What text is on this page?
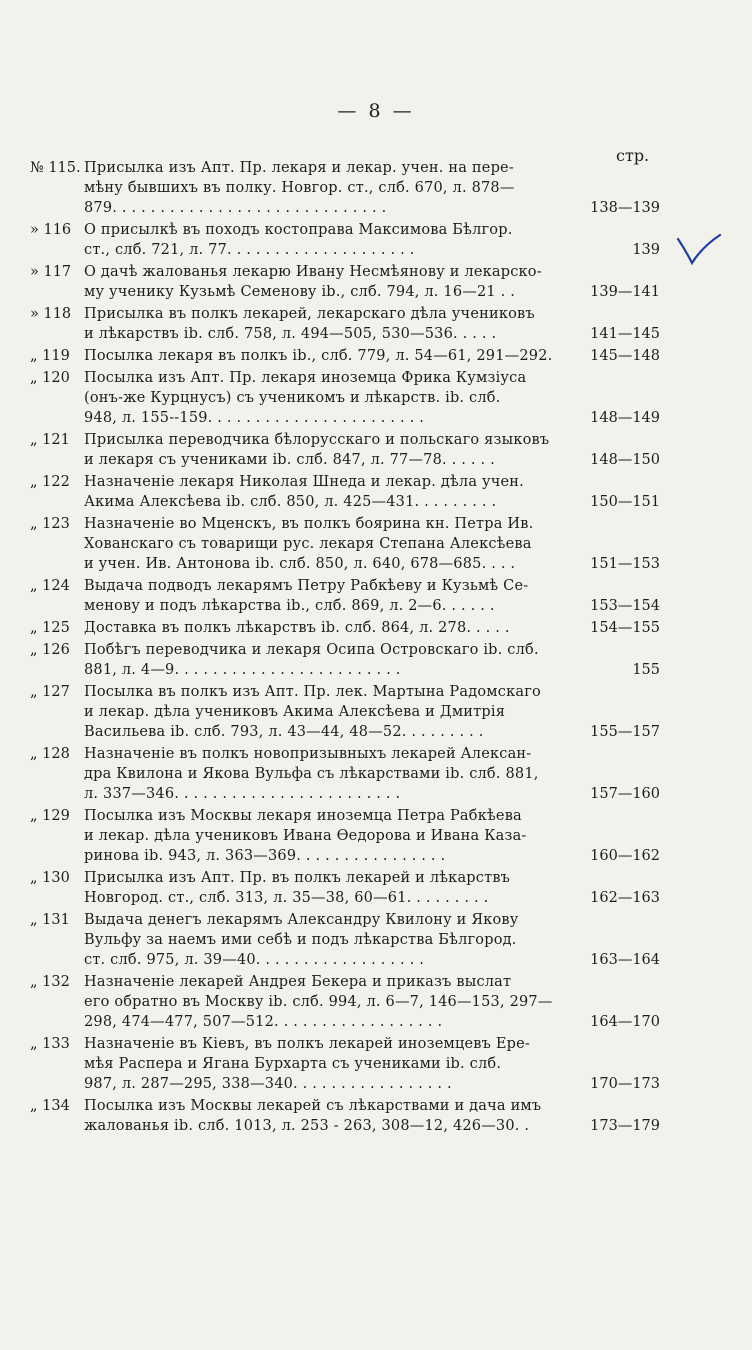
— 8 —
стр.
№ 115. Присылка изъ Апт. Пр. лекаря и лекар. учен. на пере-
мѣну бывшихъ въ полку. Новгор. ст., слб. 670, л. 878—
879. . . . . . . . . . . . . . . . . . . . . . . . . . . . .	138—139
» 116 О присылкѣ въ походъ костоправа Максимова Бѣлгор.
ст., слб. 721, л. 77. . . . . . . . . . . . . . . . . . . .	139
» 117 О дачѣ жалованья лекарю Ивану Несмѣянову и лекарско-
му ученику Кузьмѣ Семенову ib., слб. 794, л. 16—21 . .	139—141
» 118 Присылка въ полкъ лекарей, лекарскаго дѣла учениковъ
и лѣкарствъ ib. слб. 758, л. 494—505, 530—536. . . . .	141—145
„ 119 Посылка лекаря въ полкъ ib., слб. 779, л. 54—61, 291—292.	145—148
„ 120 Посылка изъ Апт. Пр. лекаря иноземца Фрика Кумзіуса
(онъ-же Курцнусъ) съ ученикомъ и лѣкарств. ib. слб.
948, л. 155--159. . . . . . . . . . . . . . . . . . . . . . .	148—149
„ 121 Присылка переводчика бѣлорусскаго и польскаго языковъ
и лекаря съ учениками ib. слб. 847, л. 77—78. . . . . .	148—150
„ 122 Назначеніе лекаря Николая Шнеда и лекар. дѣла учен.
Акима Алексѣева ib. слб. 850, л. 425—431. . . . . . . . .	150—151
„ 123 Назначеніе во Мценскъ, въ полкъ боярина кн. Петра Ив.
Хованскаго съ товарищи рус. лекаря Степана Алексѣева
и учен. Ив. Антонова ib. слб. 850, л. 640, 678—685. . . .	151—153
„ 124 Выдача подводъ лекарямъ Петру Рабкѣеву и Кузьмѣ Се-
менову и подъ лѣкарства ib., слб. 869, л. 2—6. . . . . .	153—154
„ 125 Доставка въ полкъ лѣкарствъ ib. слб. 864, л. 278. . . . .	154—155
„ 126 Побѣгъ переводчика и лекаря Осипа Островскаго ib. слб.
881, л. 4—9. . . . . . . . . . . . . . . . . . . . . . . .	155
„ 127 Посылка въ полкъ изъ Апт. Пр. лек. Мартына Радомскаго
и лекар. дѣла учениковъ Акима Алексѣева и Дмитрія
Васильева ib. слб. 793, л. 43—44, 48—52. . . . . . . . .	155—157
„ 128 Назначеніе въ полкъ новопризывныхъ лекарей Алексан-
дра Квилона и Якова Вульфа съ лѣкарствами ib. слб. 881,
л. 337—346. . . . . . . . . . . . . . . . . . . . . . . .	157—160
„ 129 Посылка изъ Москвы лекаря иноземца Петра Рабкѣева
и лекар. дѣла учениковъ Ивана Ѳедорова и Ивана Каза-
ринова ib. 943, л. 363—369. . . . . . . . . . . . . . . .	160—162
„ 130 Присылка изъ Апт. Пр. въ полкъ лекарей и лѣкарствъ
Новгород. ст., слб. 313, л. 35—38, 60—61. . . . . . . . .	162—163
„ 131 Выдача денегъ лекарямъ Александру Квилону и Якову
Вульфу за наемъ ими себѣ и подъ лѣкарства Бѣлгород.
ст. слб. 975, л. 39—40. . . . . . . . . . . . . . . . . .	163—164
„ 132 Назначеніе лекарей Андрея Бекера и приказъ выслат
его обратно въ Москву ib. слб. 994, л. 6—7, 146—153, 297—
298, 474—477, 507—512. . . . . . . . . . . . . . . . . .	164—170
„ 133 Назначеніе въ Кіевъ, въ полкъ лекарей иноземцевъ Ере-
мѣя Распера и Ягана Бурхарта съ учениками ib. слб.
987, л. 287—295, 338—340. . . . . . . . . . . . . . . . .	170—173
„ 134 Посылка изъ Москвы лекарей съ лѣкарствами и дача имъ
жалованья ib. слб. 1013, л. 253 - 263, 308—12, 426—30. .	173—179
